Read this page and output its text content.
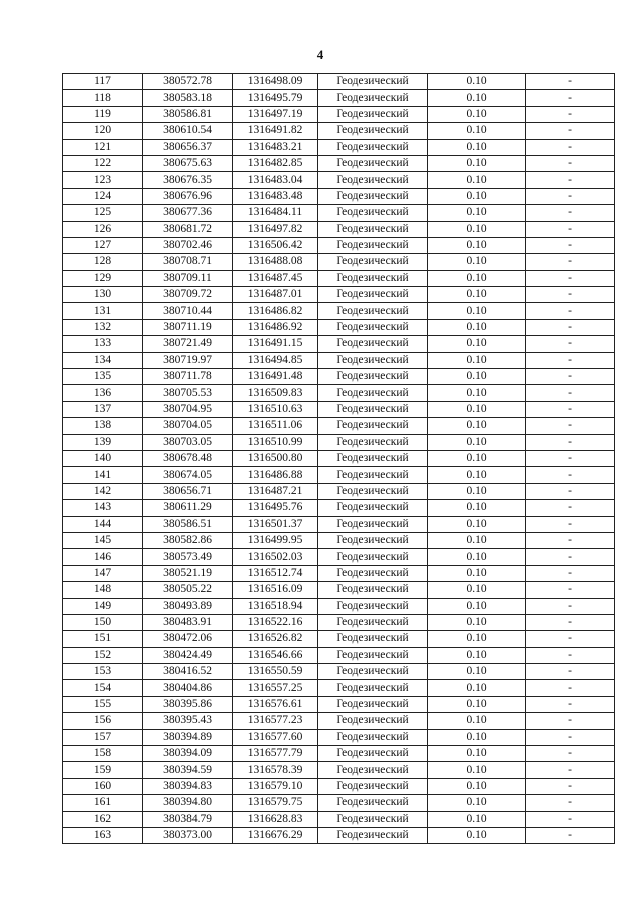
4
117	380572.78	1316498.09	Геодезический	0.10	-
118	380583.18	1316495.79	Геодезический	0.10	-
119	380586.81	1316497.19	Геодезический	0.10	-
120	380610.54	1316491.82	Геодезический	0.10	-
121	380656.37	1316483.21	Геодезический	0.10	-
122	380675.63	1316482.85	Геодезический	0.10	-
123	380676.35	1316483.04	Геодезический	0.10	-
124	380676.96	1316483.48	Геодезический	0.10	-
125	380677.36	1316484.11	Геодезический	0.10	-
126	380681.72	1316497.82	Геодезический	0.10	-
127	380702.46	1316506.42	Геодезический	0.10	-
128	380708.71	1316488.08	Геодезический	0.10	-
129	380709.11	1316487.45	Геодезический	0.10	-
130	380709.72	1316487.01	Геодезический	0.10	-
131	380710.44	1316486.82	Геодезический	0.10	-
132	380711.19	1316486.92	Геодезический	0.10	-
133	380721.49	1316491.15	Геодезический	0.10	-
134	380719.97	1316494.85	Геодезический	0.10	-
135	380711.78	1316491.48	Геодезический	0.10	-
136	380705.53	1316509.83	Геодезический	0.10	-
137	380704.95	1316510.63	Геодезический	0.10	-
138	380704.05	1316511.06	Геодезический	0.10	-
139	380703.05	1316510.99	Геодезический	0.10	-
140	380678.48	1316500.80	Геодезический	0.10	-
141	380674.05	1316486.88	Геодезический	0.10	-
142	380656.71	1316487.21	Геодезический	0.10	-
143	380611.29	1316495.76	Геодезический	0.10	-
144	380586.51	1316501.37	Геодезический	0.10	-
145	380582.86	1316499.95	Геодезический	0.10	-
146	380573.49	1316502.03	Геодезический	0.10	-
147	380521.19	1316512.74	Геодезический	0.10	-
148	380505.22	1316516.09	Геодезический	0.10	-
149	380493.89	1316518.94	Геодезический	0.10	-
150	380483.91	1316522.16	Геодезический	0.10	-
151	380472.06	1316526.82	Геодезический	0.10	-
152	380424.49	1316546.66	Геодезический	0.10	-
153	380416.52	1316550.59	Геодезический	0.10	-
154	380404.86	1316557.25	Геодезический	0.10	-
155	380395.86	1316576.61	Геодезический	0.10	-
156	380395.43	1316577.23	Геодезический	0.10	-
157	380394.89	1316577.60	Геодезический	0.10	-
158	380394.09	1316577.79	Геодезический	0.10	-
159	380394.59	1316578.39	Геодезический	0.10	-
160	380394.83	1316579.10	Геодезический	0.10	-
161	380394.80	1316579.75	Геодезический	0.10	-
162	380384.79	1316628.83	Геодезический	0.10	-
163	380373.00	1316676.29	Геодезический	0.10	-
